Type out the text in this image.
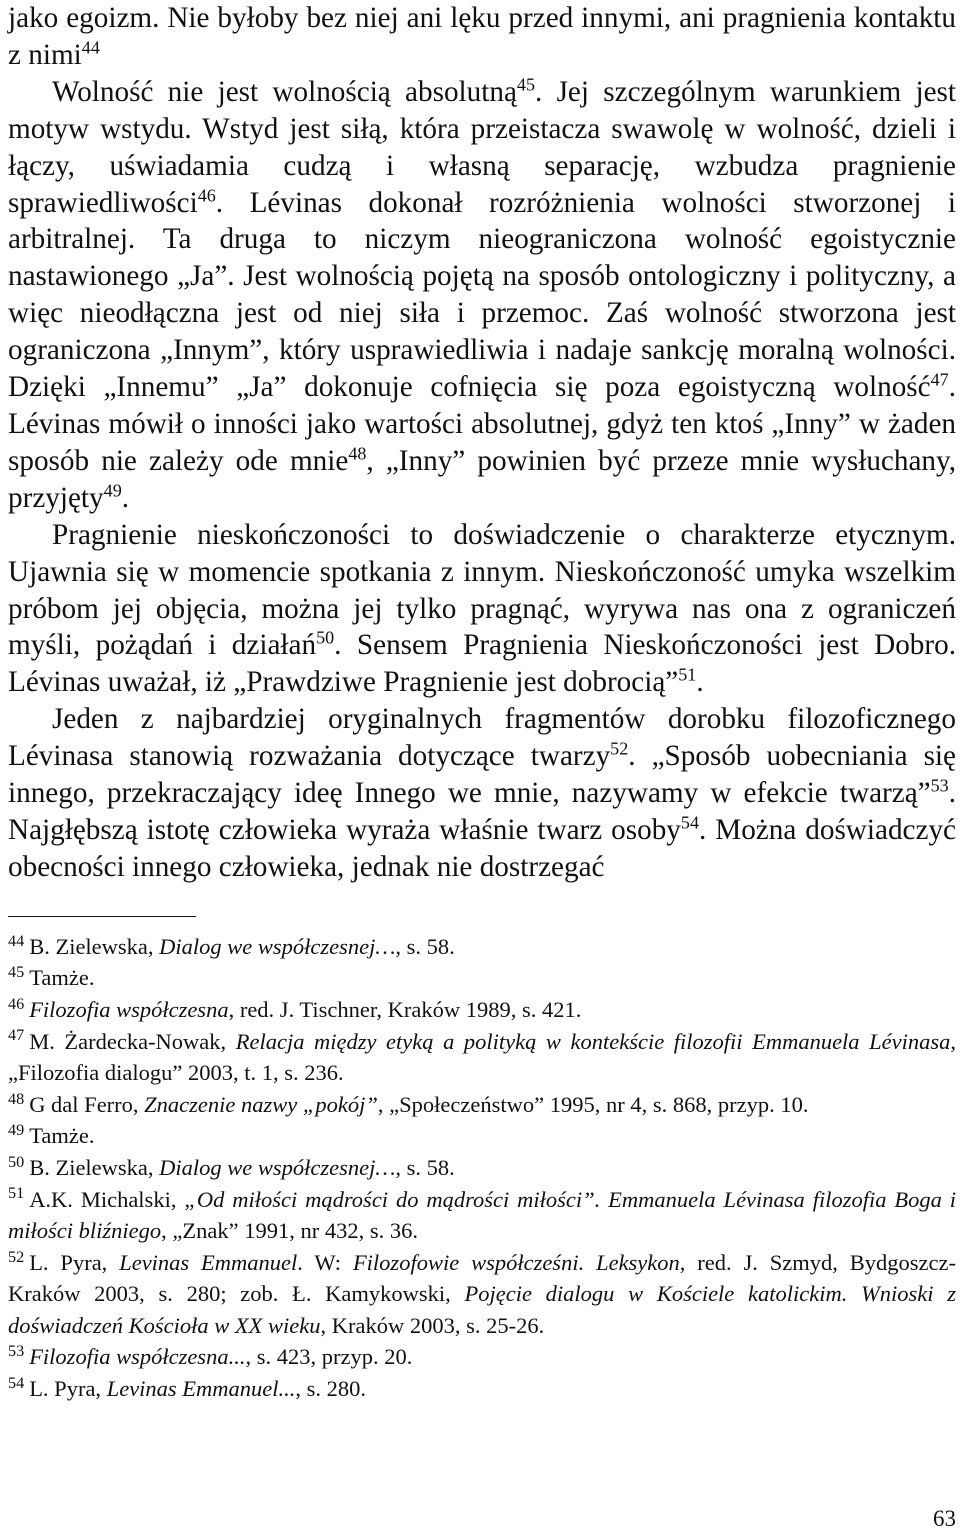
jako egoizm. Nie byłoby bez niej ani lęku przed innymi, ani pragnienia kontaktu z nimi$^{44}$

Wolność nie jest wolnością absolutną$^{45}$. Jej szczególnym warunkiem jest motyw wstydu. Wstyd jest siłą, która przeistacza swawolę w wolność, dzieli i łączy, uświadamia cudzą i własną separację, wzbudza pragnienie sprawiedliwości$^{46}$. Lévinas dokonał rozróżnienia wolności stworzonej i arbitralnej. Ta druga to niczym nieograniczona wolność egoistycznie nastawionego „Ja”. Jest wolnością pojętą na sposób ontologiczny i polityczny, a więc nieodłączna jest od niej siła i przemoc. Zaś wolność stworzona jest ograniczona „Innym”, który usprawiedliwia i nadaje sankcję moralną wolności. Dzięki „Innemu” „Ja” dokonuje cofnięcia się poza egoistyczną wolność$^{47}$. Lévinas mówił o inności jako wartości absolutnej, gdyż ten ktoś „Inny” w żaden sposób nie zależy ode mnie$^{48}$, „Inny” powinien być przeze mnie wysłuchany, przyjęty$^{49}$.

Pragnienie nieskończoności to doświadczenie o charakterze etycznym. Ujawnia się w momencie spotkania z innym. Nieskończoność umyka wszelkim próbom jej objęcia, można jej tylko pragnąć, wyrywa nas ona z ograniczeń myśli, pożądań i działań$^{50}$. Sensem Pragnienia Nieskończoności jest Dobro. Lévinas uważał, iż „Prawdziwe Pragnienie jest dobrocią”$^{51}$.

Jeden z najbardziej oryginalnych fragmentów dorobku filozoficznego Lévinasa stanowią rozważania dotyczące twarzy$^{52}$. „Sposób uobecniania się innego, przekraczający ideę Innego we mnie, nazywamy w efekcie twarzą”$^{53}$. Najgłębszą istotę człowieka wyraża właśnie twarz osoby$^{54}$. Można doświadczyć obecności innego człowieka, jednak nie dostrzegać

$^{44}$ B. Zielewska, Dialog we współczesnej…, s. 58.
$^{45}$ Tamże.
$^{46}$ Filozofia współczesna, red. J. Tischner, Kraków 1989, s. 421.
$^{47}$ M. Żardecka-Nowak, Relacja między etyką a polityką w kontekście filozofii Emmanuela Lévinasa, „Filozofia dialogu” 2003, t. 1, s. 236.
$^{48}$ G dal Ferro, Znaczenie nazwy „pokój”, „Społeczeństwo” 1995, nr 4, s. 868, przyp. 10.
$^{49}$ Tamże.
$^{50}$ B. Zielewska, Dialog we współczesnej…, s. 58.
$^{51}$ A.K. Michalski, „Od miłości mądrości do mądrości miłości”. Emmanuela Lévinasa filozofia Boga i miłości bliźniego, „Znak” 1991, nr 432, s. 36.
$^{52}$ L. Pyra, Levinas Emmanuel. W: Filozofowie współcześni. Leksykon, red. J. Szmyd, Bydgoszcz-Kraków 2003, s. 280; zob. Ł. Kamykowski, Pojęcie dialogu w Kościele katolickim. Wnioski z doświadczeń Kościoła w XX wieku, Kraków 2003, s. 25-26.
$^{53}$ Filozofia współczesna..., s. 423, przyp. 20.
$^{54}$ L. Pyra, Levinas Emmanuel..., s. 280.
63
